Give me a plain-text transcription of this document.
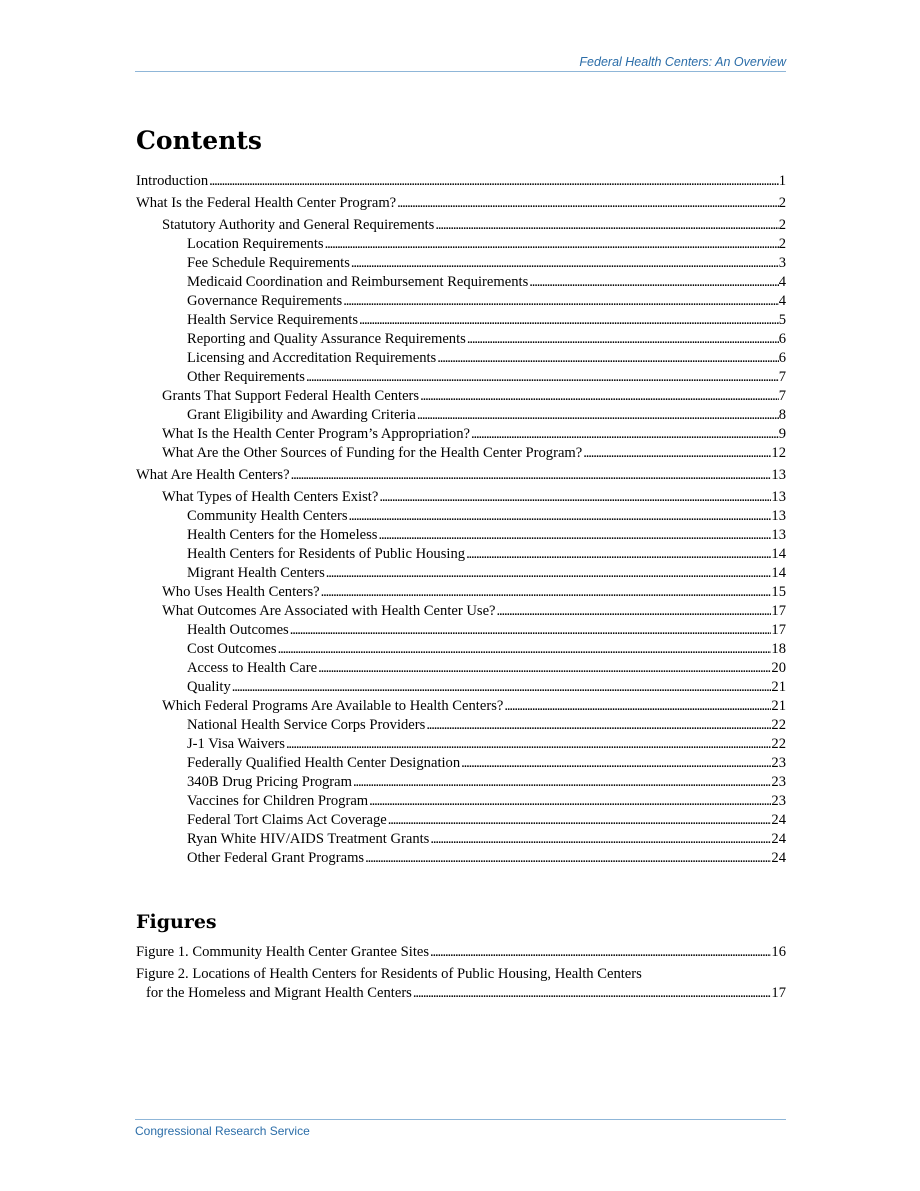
Federal Health Centers: An Overview
Contents
Introduction . . .	1
What Is the Federal Health Center Program? . . .	2
Statutory Authority and General Requirements . . .	2
Location Requirements . . .	2
Fee Schedule Requirements . . .	3
Medicaid Coordination and Reimbursement Requirements . . .	4
Governance Requirements . . .	4
Health Service Requirements . . .	5
Reporting and Quality Assurance Requirements . . .	6
Licensing and Accreditation Requirements . . .	6
Other Requirements . . .	7
Grants That Support Federal Health Centers . . .	7
Grant Eligibility and Awarding Criteria . . .	8
What Is the Health Center Program’s Appropriation? . . .	9
What Are the Other Sources of Funding for the Health Center Program? . . .	12
What Are Health Centers? . . .	13
What Types of Health Centers Exist? . . .	13
Community Health Centers . . .	13
Health Centers for the Homeless . . .	13
Health Centers for Residents of Public Housing . . .	14
Migrant Health Centers . . .	14
Who Uses Health Centers? . . .	15
What Outcomes Are Associated with Health Center Use? . . .	17
Health Outcomes . . .	17
Cost Outcomes . . .	18
Access to Health Care . . .	20
Quality . . .	21
Which Federal Programs Are Available to Health Centers? . . .	21
National Health Service Corps Providers . . .	22
J-1 Visa Waivers . . .	22
Federally Qualified Health Center Designation . . .	23
340B Drug Pricing Program . . .	23
Vaccines for Children Program . . .	23
Federal Tort Claims Act Coverage . . .	24
Ryan White HIV/AIDS Treatment Grants . . .	24
Other Federal Grant Programs . . .	24
Figures
Figure 1. Community Health Center Grantee Sites . . .	16
Figure 2. Locations of Health Centers for Residents of Public Housing, Health Centers
for the Homeless and Migrant Health Centers . . .	17
Congressional Research Service
